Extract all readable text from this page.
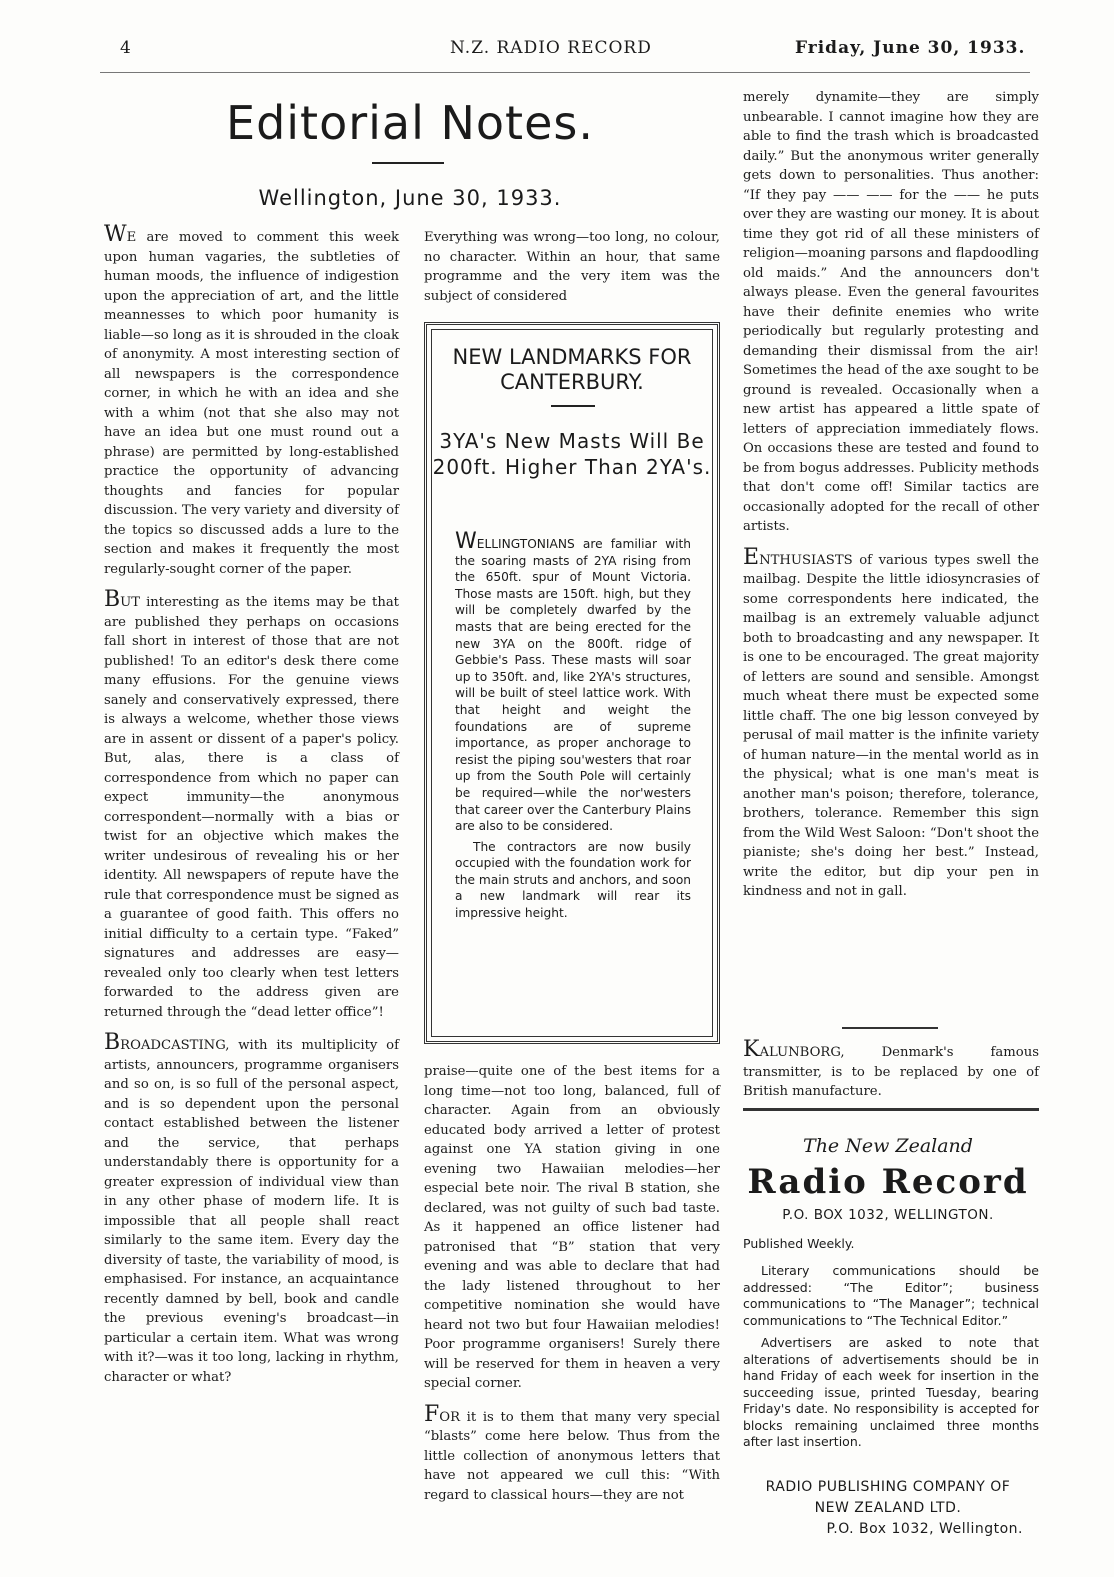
4	N.Z. RADIO RECORD	Friday, June 30, 1933.
Editorial Notes.
Wellington, June 30, 1933.

WE are moved to comment this week upon human vagaries, the subtleties of human moods, the influence of indigestion upon the appreciation of art, and the little meannesses to which poor humanity is liable—so long as it is shrouded in the cloak of anonymity. A most interesting section of all newspapers is the correspondence corner, in which he with an idea and she with a whim (not that she also may not have an idea but one must round out a phrase) are permitted by long-established practice the opportunity of advancing thoughts and fancies for popular discussion. The very variety and diversity of the topics so discussed adds a lure to the section and makes it frequently the most regularly-sought corner of the paper.

BUT interesting as the items may be that are published they perhaps on occasions fall short in interest of those that are not published! To an editor's desk there come many effusions. For the genuine views sanely and conservatively expressed, there is always a welcome, whether those views are in assent or dissent of a paper's policy. But, alas, there is a class of correspondence from which no paper can expect immunity—the anonymous correspondent—normally with a bias or twist for an objective which makes the writer undesirous of revealing his or her identity. All newspapers of repute have the rule that correspondence must be signed as a guarantee of good faith. This offers no initial difficulty to a certain type. “Faked” signatures and addresses are easy—revealed only too clearly when test letters forwarded to the address given are returned through the “dead letter office”!

BROADCASTING, with its multiplicity of artists, announcers, programme organisers and so on, is so full of the personal aspect, and is so dependent upon the personal contact established between the listener and the service, that perhaps understandably there is opportunity for a greater expression of individual view than in any other phase of modern life. It is impossible that all people shall react similarly to the same item. Every day the diversity of taste, the variability of mood, is emphasised. For instance, an acquaintance recently damned by bell, book and candle the previous evening's broadcast—in particular a certain item. What was wrong with it?—was it too long, lacking in rhythm, character or what?

Everything was wrong—too long, no colour, no character. Within an hour, that same programme and the very item was the subject of considered

NEW LANDMARKS FOR CANTERBURY.
3YA's New Masts Will Be 200ft. Higher Than 2YA's.

WELLINGTONIANS are familiar with the soaring masts of 2YA rising from the 650ft. spur of Mount Victoria. Those masts are 150ft. high, but they will be completely dwarfed by the masts that are being erected for the new 3YA on the 800ft. ridge of Gebbie's Pass. These masts will soar up to 350ft. and, like 2YA's structures, will be built of steel lattice work. With that height and weight the foundations are of supreme importance, as proper anchorage to resist the piping sou'westers that roar up from the South Pole will certainly be required—while the nor'westers that career over the Canterbury Plains are also to be considered.

The contractors are now busily occupied with the foundation work for the main struts and anchors, and soon a new landmark will rear its impressive height.

praise—quite one of the best items for a long time—not too long, balanced, full of character. Again from an obviously educated body arrived a letter of protest against one YA station giving in one evening two Hawaiian melodies—her especial bete noir. The rival B station, she declared, was not guilty of such bad taste. As it happened an office listener had patronised that “B” station that very evening and was able to declare that had the lady listened throughout to her competitive nomination she would have heard not two but four Hawaiian melodies! Poor programme organisers! Surely there will be reserved for them in heaven a very special corner.

FOR it is to them that many very special “blasts” come here below. Thus from the little collection of anonymous letters that have not appeared we cull this: “With regard to classical hours—they are not

merely dynamite—they are simply unbearable. I cannot imagine how they are able to find the trash which is broadcasted daily.” But the anonymous writer generally gets down to personalities. Thus another: “If they pay —— —— for the —— he puts over they are wasting our money. It is about time they got rid of all these ministers of religion—moaning parsons and flapdoodling old maids.” And the announcers don't always please. Even the general favourites have their definite enemies who write periodically but regularly protesting and demanding their dismissal from the air! Sometimes the head of the axe sought to be ground is revealed. Occasionally when a new artist has appeared a little spate of letters of appreciation immediately flows. On occasions these are tested and found to be from bogus addresses. Publicity methods that don't come off! Similar tactics are occasionally adopted for the recall of other artists.

ENTHUSIASTS of various types swell the mailbag. Despite the little idiosyncrasies of some correspondents here indicated, the mailbag is an extremely valuable adjunct both to broadcasting and any newspaper. It is one to be encouraged. The great majority of letters are sound and sensible. Amongst much wheat there must be expected some little chaff. The one big lesson conveyed by perusal of mail matter is the infinite variety of human nature—in the mental world as in the physical; what is one man's meat is another man's poison; therefore, tolerance, brothers, tolerance. Remember this sign from the Wild West Saloon: “Don't shoot the pianiste; she's doing her best.” Instead, write the editor, but dip your pen in kindness and not in gall.

KALUNBORG, Denmark's famous transmitter, is to be replaced by one of British manufacture.

The New Zealand
Radio Record
P.O. BOX 1032, WELLINGTON.
Published Weekly.

Literary communications should be addressed: “The Editor”; business communications to “The Manager”; technical communications to “The Technical Editor.”

Advertisers are asked to note that alterations of advertisements should be in hand Friday of each week for insertion in the succeeding issue, printed Tuesday, bearing Friday's date. No responsibility is accepted for blocks remaining unclaimed three months after last insertion.

RADIO PUBLISHING COMPANY OF
NEW ZEALAND LTD.
P.O. Box 1032, Wellington.
